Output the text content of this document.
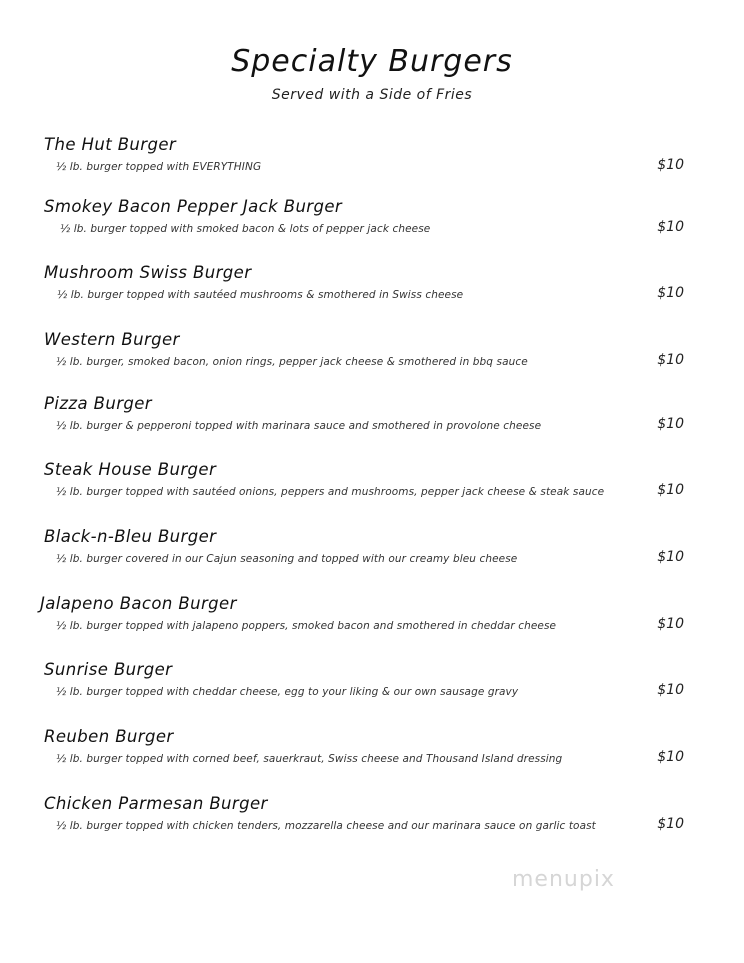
Specialty Burgers

Served with a Side of Fries

The Hut Burger
½ lb. burger topped with EVERYTHING	$10
Smokey Bacon Pepper Jack Burger
½ lb. burger topped with smoked bacon & lots of pepper jack cheese	$10
Mushroom Swiss Burger
½ lb. burger topped with sautéed mushrooms & smothered in Swiss cheese	$10
Western Burger
½ lb. burger, smoked bacon, onion rings, pepper jack cheese & smothered in bbq sauce	$10
Pizza Burger
½ lb. burger & pepperoni topped with marinara sauce and smothered in provolone cheese	$10
Steak House Burger
½ lb. burger topped with sautéed onions, peppers and mushrooms, pepper jack cheese & steak sauce	$10
Black-n-Bleu Burger
½ lb. burger covered in our Cajun seasoning and topped with our creamy bleu cheese	$10
Jalapeno Bacon Burger
½ lb. burger topped with jalapeno poppers, smoked bacon and smothered in cheddar cheese	$10
Sunrise Burger
½ lb. burger topped with cheddar cheese, egg to your liking & our own sausage gravy	$10
Reuben Burger
½ lb. burger topped with corned beef, sauerkraut, Swiss cheese and Thousand Island dressing	$10
Chicken Parmesan Burger
½ lb. burger topped with chicken tenders, mozzarella cheese and our marinara sauce on garlic toast	$10
menupix
